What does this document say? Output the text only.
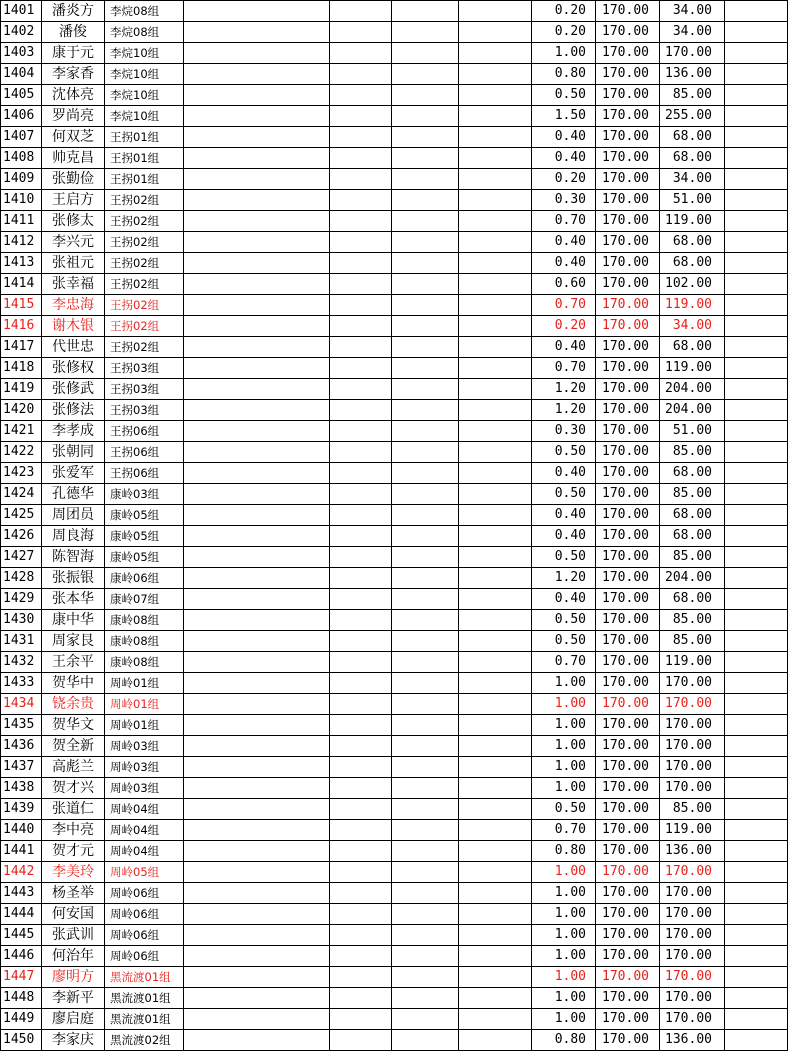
1401	潘炎方	李烷08组					0.20	170.00	34.00	
1402	潘俊	李烷08组					0.20	170.00	34.00	
1403	康于元	李烷10组					1.00	170.00	170.00	
1404	李家香	李烷10组					0.80	170.00	136.00	
1405	沈体亮	李烷10组					0.50	170.00	85.00	
1406	罗尚亮	李烷10组					1.50	170.00	255.00	
1407	何双芝	王拐01组					0.40	170.00	68.00	
1408	帅克昌	王拐01组					0.40	170.00	68.00	
1409	张勤俭	王拐01组					0.20	170.00	34.00	
1410	王启方	王拐02组					0.30	170.00	51.00	
1411	张修太	王拐02组					0.70	170.00	119.00	
1412	李兴元	王拐02组					0.40	170.00	68.00	
1413	张祖元	王拐02组					0.40	170.00	68.00	
1414	张幸福	王拐02组					0.60	170.00	102.00	
1415	李忠海	王拐02组					0.70	170.00	119.00	
1416	谢木银	王拐02组					0.20	170.00	34.00	
1417	代世忠	王拐02组					0.40	170.00	68.00	
1418	张修权	王拐03组					0.70	170.00	119.00	
1419	张修武	王拐03组					1.20	170.00	204.00	
1420	张修法	王拐03组					1.20	170.00	204.00	
1421	李孝成	王拐06组					0.30	170.00	51.00	
1422	张朝同	王拐06组					0.50	170.00	85.00	
1423	张爱军	王拐06组					0.40	170.00	68.00	
1424	孔德华	康岭03组					0.50	170.00	85.00	
1425	周团员	康岭05组					0.40	170.00	68.00	
1426	周良海	康岭05组					0.40	170.00	68.00	
1427	陈智海	康岭05组					0.50	170.00	85.00	
1428	张振银	康岭06组					1.20	170.00	204.00	
1429	张本华	康岭07组					0.40	170.00	68.00	
1430	康中华	康岭08组					0.50	170.00	85.00	
1431	周家艮	康岭08组					0.50	170.00	85.00	
1432	王余平	康岭08组					0.70	170.00	119.00	
1433	贺华中	周岭01组					1.00	170.00	170.00	
1434	铙余贵	周岭01组					1.00	170.00	170.00	
1435	贺华文	周岭01组					1.00	170.00	170.00	
1436	贺全新	周岭03组					1.00	170.00	170.00	
1437	高彪兰	周岭03组					1.00	170.00	170.00	
1438	贺才兴	周岭03组					1.00	170.00	170.00	
1439	张道仁	周岭04组					0.50	170.00	85.00	
1440	李中亮	周岭04组					0.70	170.00	119.00	
1441	贺才元	周岭04组					0.80	170.00	136.00	
1442	李美玲	周岭05组					1.00	170.00	170.00	
1443	杨圣举	周岭06组					1.00	170.00	170.00	
1444	何安国	周岭06组					1.00	170.00	170.00	
1445	张武训	周岭06组					1.00	170.00	170.00	
1446	何治年	周岭06组					1.00	170.00	170.00	
1447	廖明方	黑流渡01组					1.00	170.00	170.00	
1448	李新平	黑流渡01组					1.00	170.00	170.00	
1449	廖启庭	黑流渡01组					1.00	170.00	170.00	
1450	李家庆	黑流渡02组					0.80	170.00	136.00	
